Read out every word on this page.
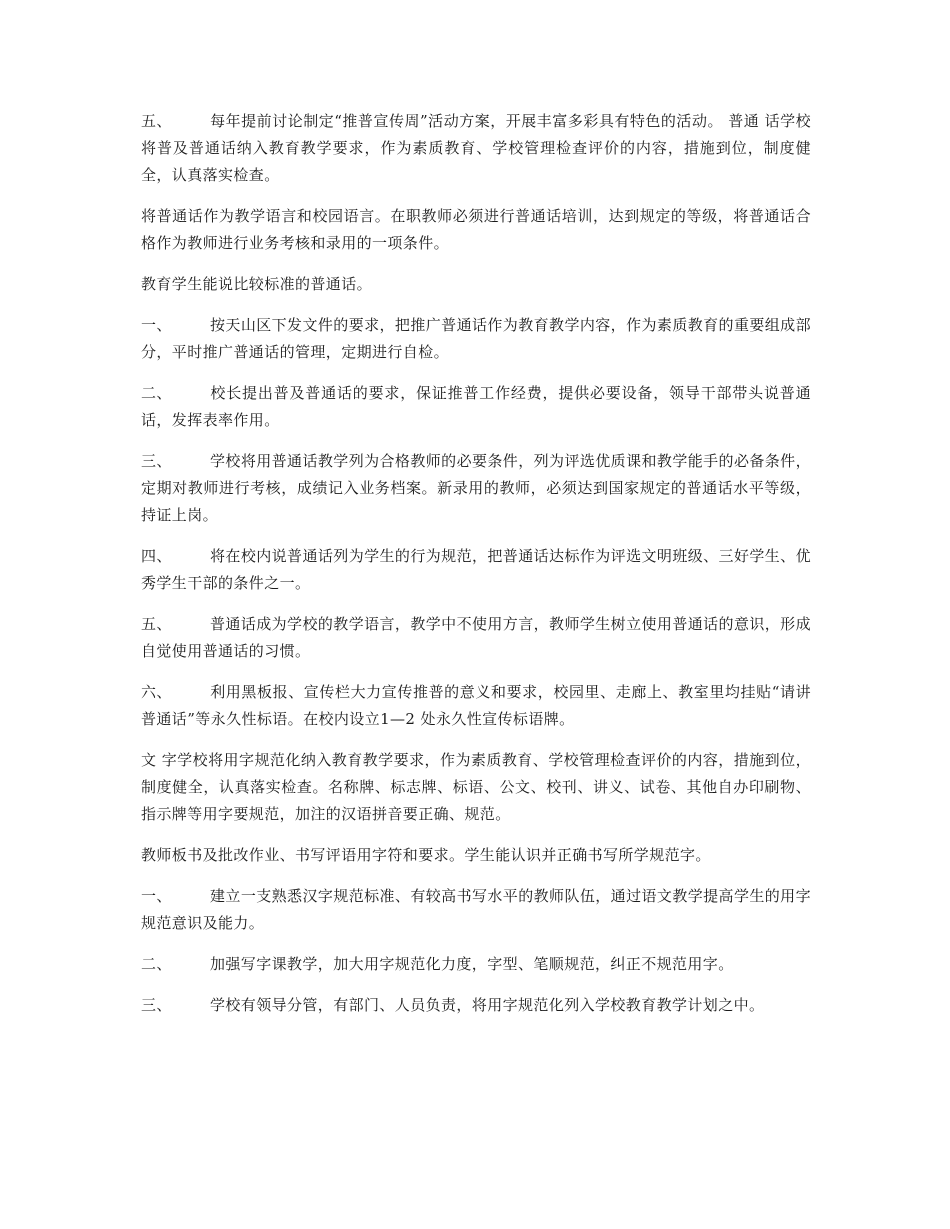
五、	每年提前讨论制定“推普宣传周”活动方案，开展丰富多彩具有特色的活动。 普通 话学校将普及普通话纳入教育教学要求，作为素质教育、学校管理检查评价的内容，措施到位，制度健全，认真落实检查。

将普通话作为教学语言和校园语言。在职教师必须进行普通话培训，达到规定的等级，将普通话合格作为教师进行业务考核和录用的一项条件。

教育学生能说比较标准的普通话。

一、	按天山区下发文件的要求，把推广普通话作为教育教学内容，作为素质教育的重要组成部分，平时推广普通话的管理，定期进行自检。

二、	校长提出普及普通话的要求，保证推普工作经费，提供必要设备，领导干部带头说普通话，发挥表率作用。

三、	学校将用普通话教学列为合格教师的必要条件，列为评选优质课和教学能手的必备条件，定期对教师进行考核，成绩记入业务档案。新录用的教师，必须达到国家规定的普通话水平等级，持证上岗。

四、	将在校内说普通话列为学生的行为规范，把普通话达标作为评选文明班级、三好学生、优秀学生干部的条件之一。

五、	普通话成为学校的教学语言，教学中不使用方言，教师学生树立使用普通话的意识，形成自觉使用普通话的习惯。

六、	利用黑板报、宣传栏大力宣传推普的意义和要求，校园里、走廊上、教室里均挂贴“请讲普通话”等永久性标语。在校内设立1—2 处永久性宣传标语牌。

文 字学校将用字规范化纳入教育教学要求，作为素质教育、学校管理检查评价的内容，措施到位，制度健全，认真落实检查。名称牌、标志牌、标语、公文、校刊、讲义、试卷、其他自办印刷物、指示牌等用字要规范，加注的汉语拼音要正确、规范。

教师板书及批改作业、书写评语用字符和要求。学生能认识并正确书写所学规范字。

一、	建立一支熟悉汉字规范标准、有较高书写水平的教师队伍，通过语文教学提高学生的用字规范意识及能力。

二、	加强写字课教学，加大用字规范化力度，字型、笔顺规范，纠正不规范用字。

三、	学校有领导分管，有部门、人员负责，将用字规范化列入学校教育教学计划之中。
